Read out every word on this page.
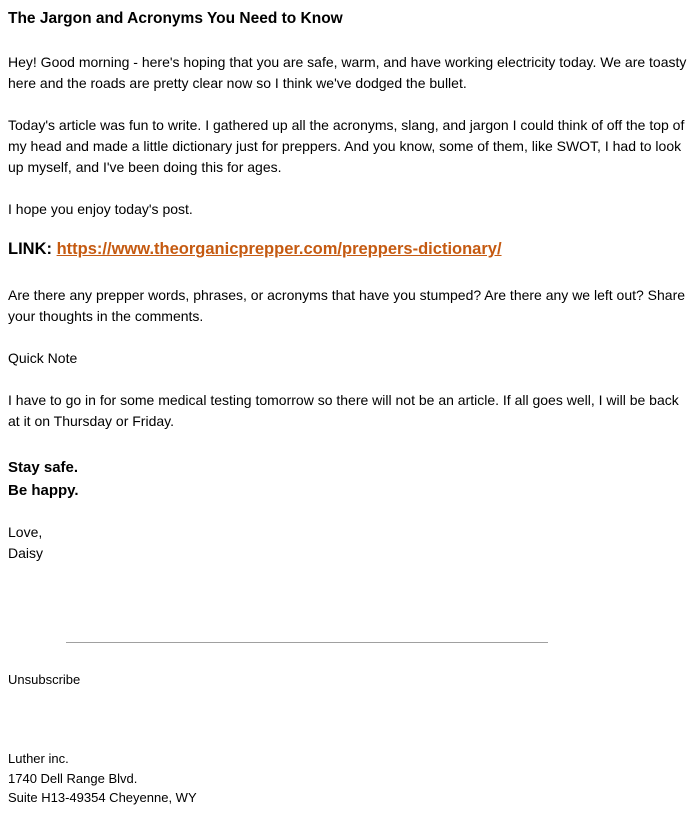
The Jargon and Acronyms You Need to Know

Hey! Good morning - here's hoping that you are safe, warm, and have working electricity today. We are toasty here and the roads are pretty clear now so I think we've dodged the bullet.

Today's article was fun to write. I gathered up all the acronyms, slang, and jargon I could think of off the top of my head and made a little dictionary just for preppers. And you know, some of them, like SWOT, I had to look up myself, and I've been doing this for ages.

I hope you enjoy today's post.

LINK: https://www.theorganicprepper.com/preppers-dictionary/

Are there any prepper words, phrases, or acronyms that have you stumped? Are there any we left out? Share your thoughts in the comments.

Quick Note

I have to go in for some medical testing tomorrow so there will not be an article. If all goes well, I will be back at it on Thursday or Friday.

Stay safe.
Be happy.

Love,
Daisy

Unsubscribe

Luther inc.
1740 Dell Range Blvd.
Suite H13-49354 Cheyenne, WY
